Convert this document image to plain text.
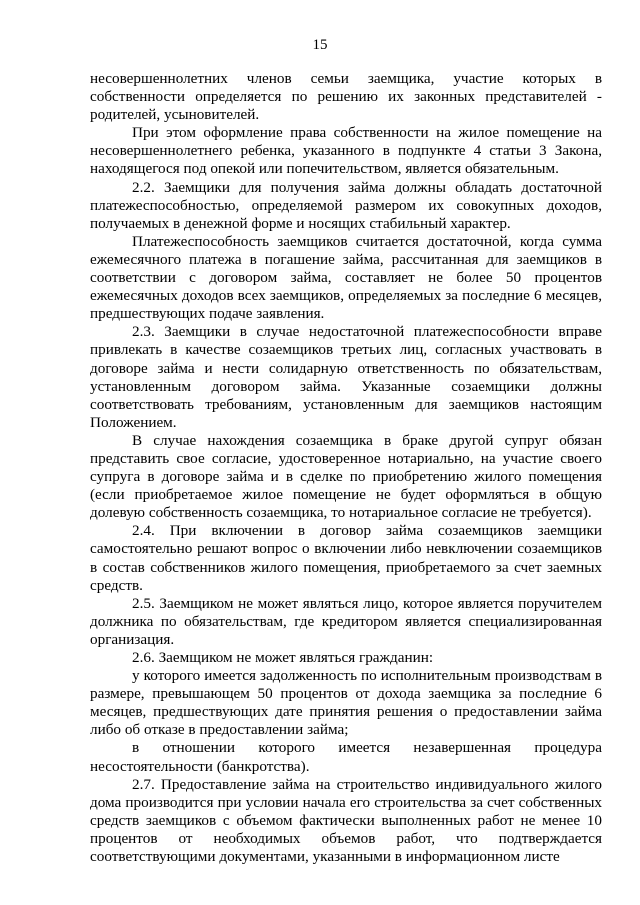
15

несовершеннолетних членов семьи заемщика, участие которых в собственности определяется по решению их законных представителей - родителей, усыновителей.

При этом оформление права собственности на жилое помещение на несовершеннолетнего ребенка, указанного в подпункте 4 статьи 3 Закона, находящегося под опекой или попечительством, является обязательным.

2.2. Заемщики для получения займа должны обладать достаточной платежеспособностью, определяемой размером их совокупных доходов, получаемых в денежной форме и носящих стабильный характер.

Платежеспособность заемщиков считается достаточной, когда сумма ежемесячного платежа в погашение займа, рассчитанная для заемщиков в соответствии с договором займа, составляет не более 50 процентов ежемесячных доходов всех заемщиков, определяемых за последние 6 месяцев, предшествующих подаче заявления.

2.3. Заемщики в случае недостаточной платежеспособности вправе привлекать в качестве созаемщиков третьих лиц, согласных участвовать в договоре займа и нести солидарную ответственность по обязательствам, установленным договором займа. Указанные созаемщики должны соответствовать требованиям, установленным для заемщиков настоящим Положением.

В случае нахождения созаемщика в браке другой супруг обязан представить свое согласие, удостоверенное нотариально, на участие своего супруга в договоре займа и в сделке по приобретению жилого помещения (если приобретаемое жилое помещение не будет оформляться в общую долевую собственность созаемщика, то нотариальное согласие не требуется).

2.4. При включении в договор займа созаемщиков заемщики самостоятельно решают вопрос о включении либо невключении созаемщиков в состав собственников жилого помещения, приобретаемого за счет заемных средств.

2.5. Заемщиком не может являться лицо, которое является поручителем должника по обязательствам, где кредитором является специализированная организация.

2.6. Заемщиком не может являться гражданин:

у которого имеется задолженность по исполнительным производствам в размере, превышающем 50 процентов от дохода заемщика за последние 6 месяцев, предшествующих дате принятия решения о предоставлении займа либо об отказе в предоставлении займа;

в отношении которого имеется незавершенная процедура несостоятельности (банкротства).

2.7. Предоставление займа на строительство индивидуального жилого дома производится при условии начала его строительства за счет собственных средств заемщиков с объемом фактически выполненных работ не менее 10 процентов от необходимых объемов работ, что подтверждается соответствующими документами, указанными в информационном листе
